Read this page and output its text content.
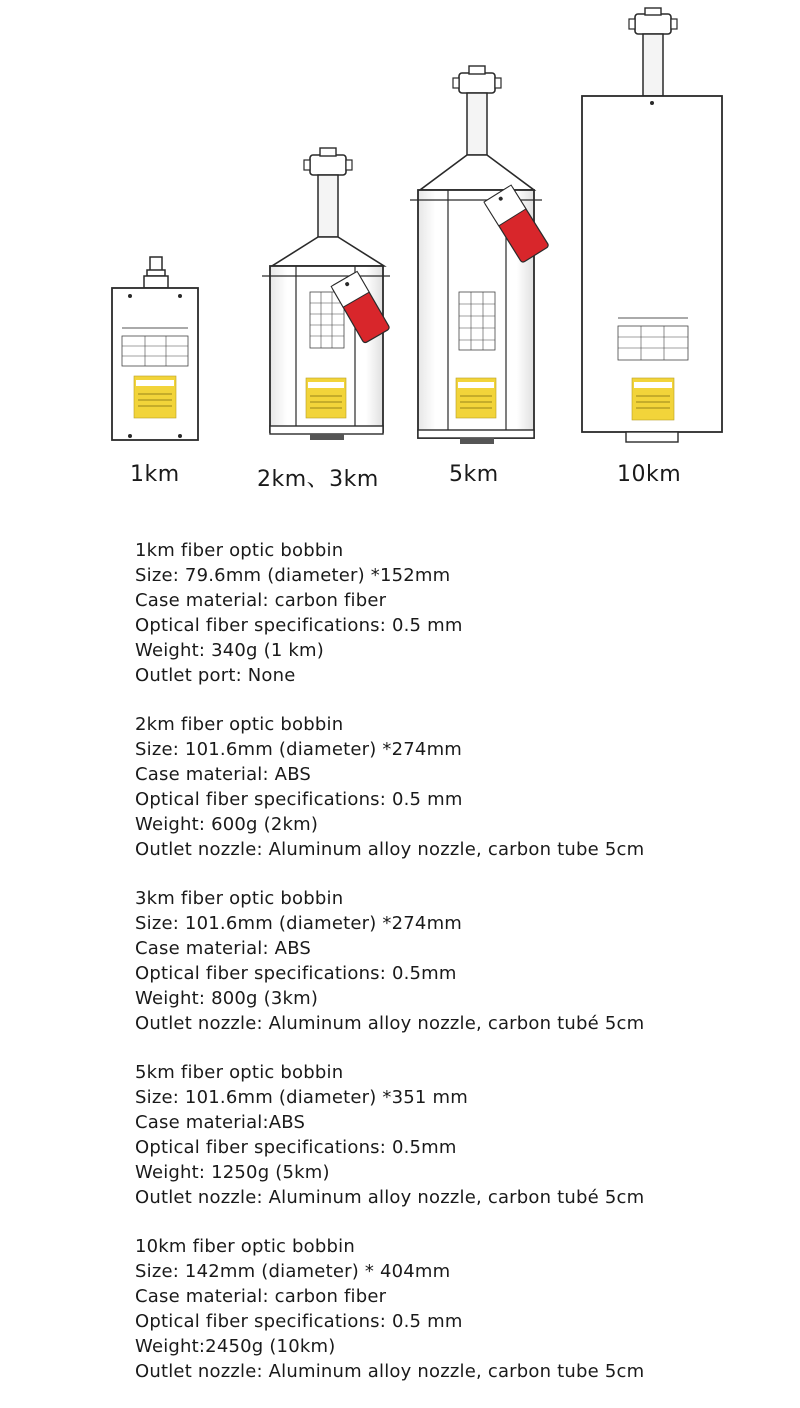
1km	2km、3km	5km	10km
1km fiber optic bobbin
Size: 79.6mm (diameter) *152mm
Case material: carbon fiber
Optical fiber specifications: 0.5 mm
Weight: 340g (1 km)
Outlet port: None
2km fiber optic bobbin
Size: 101.6mm (diameter) *274mm
Case material: ABS
Optical fiber specifications: 0.5 mm
Weight: 600g (2km)
Outlet nozzle: Aluminum alloy nozzle, carbon tube 5cm
3km fiber optic bobbin
Size: 101.6mm (diameter) *274mm
Case material: ABS
Optical fiber specifications: 0.5mm
Weight: 800g (3km)
Outlet nozzle: Aluminum alloy nozzle, carbon tubé 5cm
5km fiber optic bobbin
Size: 101.6mm (diameter) *351 mm
Case material:ABS
Optical fiber specifications: 0.5mm
Weight: 1250g (5km)
Outlet nozzle: Aluminum alloy nozzle, carbon tubé 5cm
10km fiber optic bobbin
Size: 142mm (diameter) * 404mm
Case material: carbon fiber
Optical fiber specifications: 0.5 mm
Weight:2450g (10km)
Outlet nozzle: Aluminum alloy nozzle, carbon tube 5cm
